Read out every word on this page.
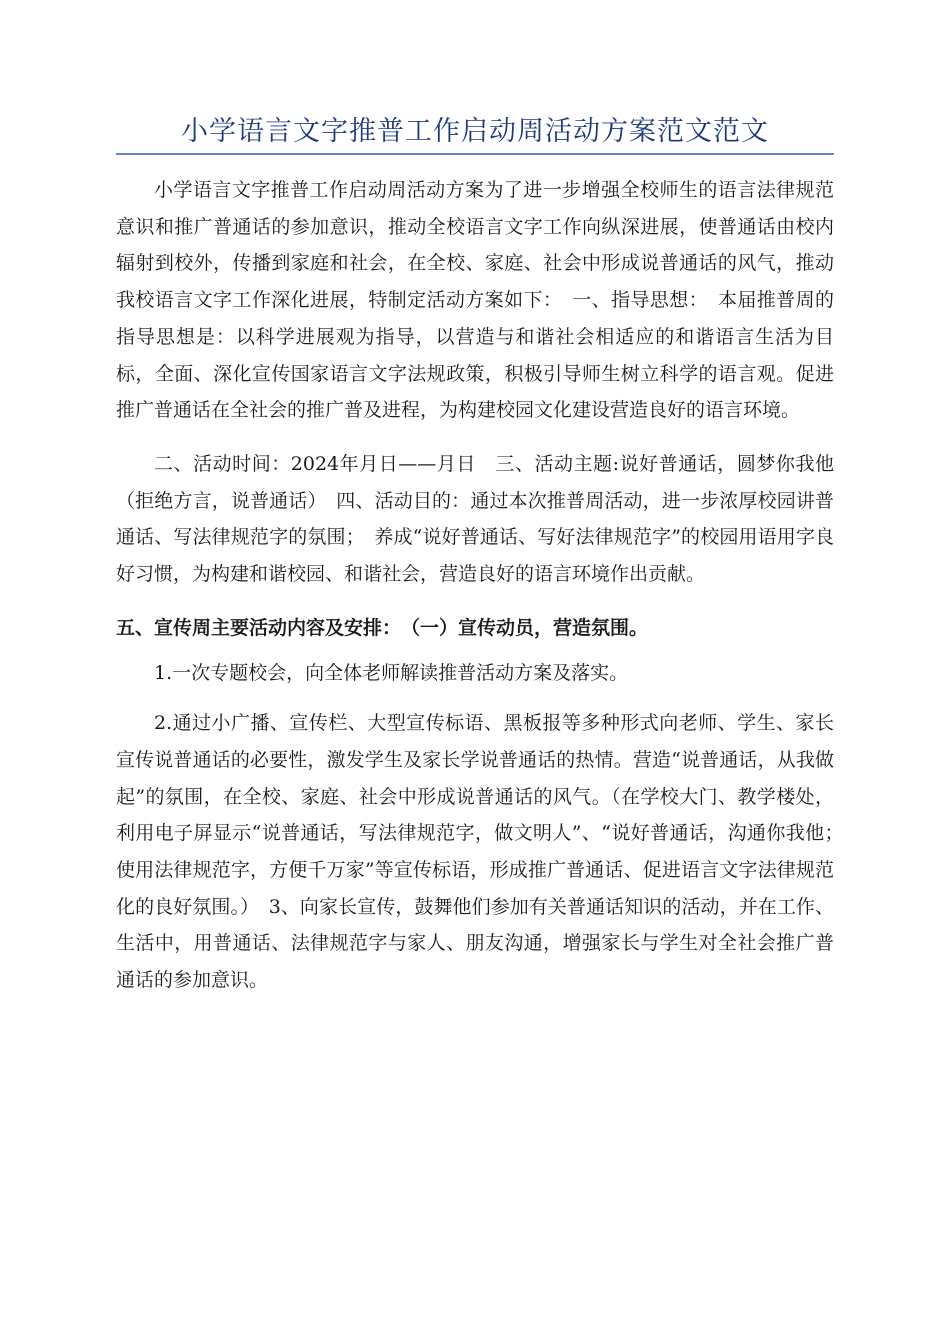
小学语言文字推普工作启动周活动方案范文范文

小学语言文字推普工作启动周活动方案为了进一步增强全校师生的语言法律规范意识和推广普通话的参加意识，推动全校语言文字工作向纵深进展，使普通话由校内辐射到校外，传播到家庭和社会，在全校、家庭、社会中形成说普通话的风气，推动我校语言文字工作深化进展，特制定活动方案如下：　一、指导思想：　本届推普周的指导思想是：以科学进展观为指导，以营造与和谐社会相适应的和谐语言生活为目标，全面、深化宣传国家语言文字法规政策，积极引导师生树立科学的语言观。促进推广普通话在全社会的推广普及进程，为构建校园文化建设营造良好的语言环境。

二、活动时间：2024年月日——月日　三、活动主题:说好普通话，圆梦你我他（拒绝方言，说普通话）　四、活动目的：通过本次推普周活动，进一步浓厚校园讲普通话、写法律规范字的氛围；　养成“说好普通话、写好法律规范字”的校园用语用字良好习惯，为构建和谐校园、和谐社会，营造良好的语言环境作出贡献。

五、宣传周主要活动内容及安排：　（一）宣传动员，营造氛围。

1.一次专题校会，向全体老师解读推普活动方案及落实。

2.通过小广播、宣传栏、大型宣传标语、黑板报等多种形式向老师、学生、家长宣传说普通话的必要性，激发学生及家长学说普通话的热情。营造“说普通话，从我做起”的氛围，在全校、家庭、社会中形成说普通话的风气。（在学校大门、教学楼处，利用电子屏显示“说普通话，写法律规范字，做文明人”、“说好普通话，沟通你我他；　使用法律规范字，方便千万家”等宣传标语，形成推广普通话、促进语言文字法律规范化的良好氛围。）　3、向家长宣传，鼓舞他们参加有关普通话知识的活动，并在工作、生活中，用普通话、法律规范字与家人、朋友沟通，增强家长与学生对全社会推广普通话的参加意识。
